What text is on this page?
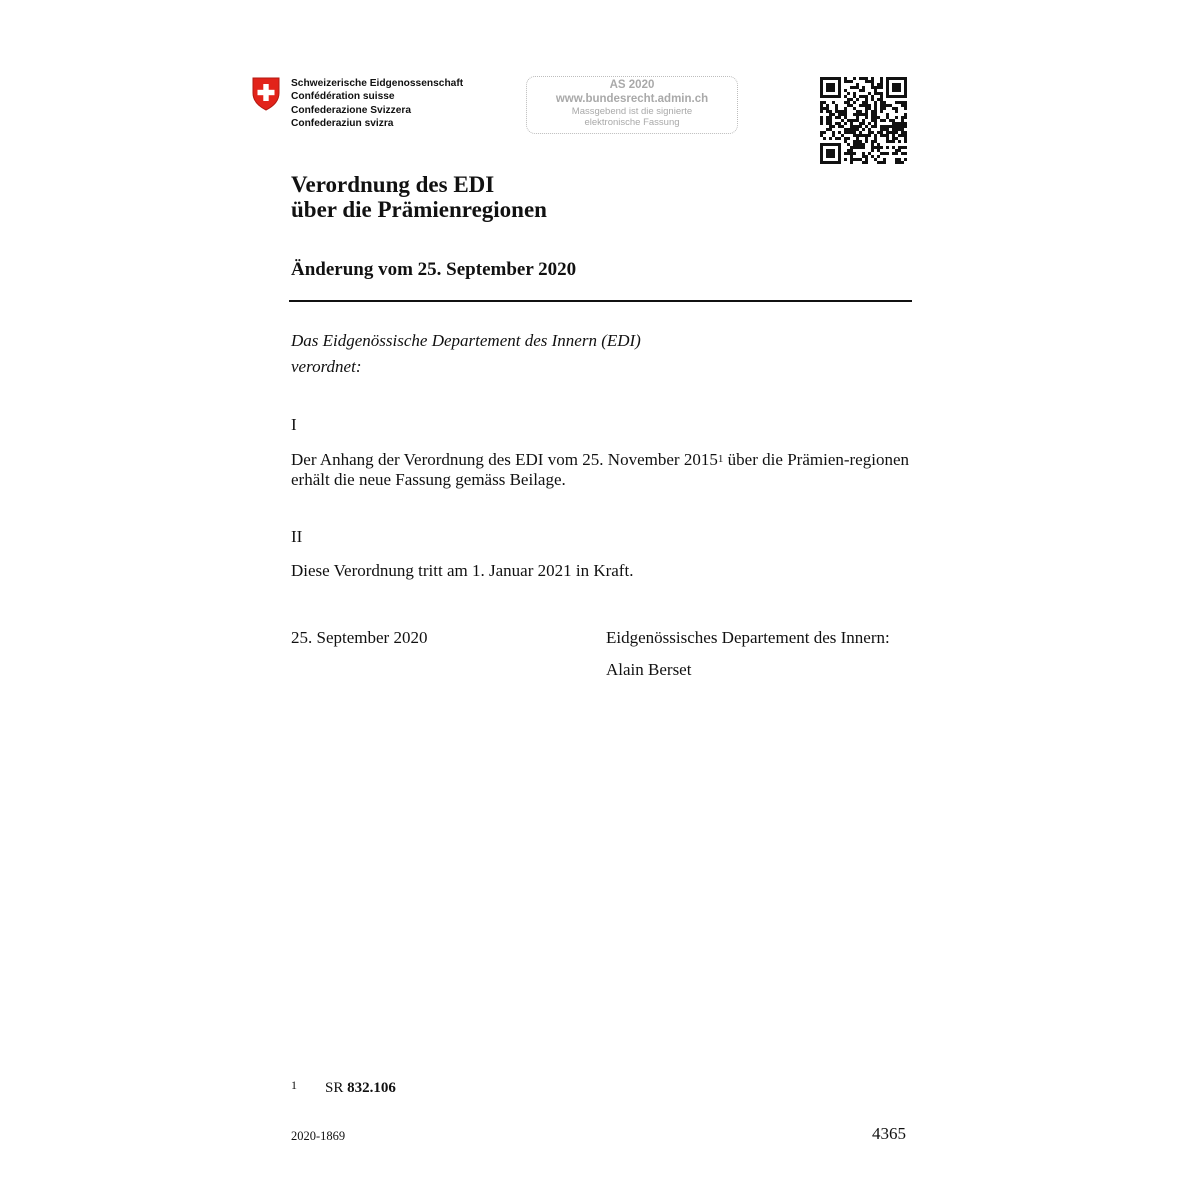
Schweizerische Eidgenossenschaft
Confédération suisse
Confederazione Svizzera
Confederaziun svizra
AS 2020
www.bundesrecht.admin.ch
Massgebend ist die signierte
elektronische Fassung
Verordnung des EDI
über die Prämienregionen
Änderung vom 25. September 2020
Das Eidgenössische Departement des Innern (EDI)
verordnet:
I
Der Anhang der Verordnung des EDI vom 25. November 2015$^1$ über die Prämien-regionen erhält die neue Fassung gemäss Beilage.
II
Diese Verordnung tritt am 1. Januar 2021 in Kraft.
25. September 2020	Eidgenössisches Departement des Innern:
Alain Berset
1 SR 832.106
2020-1869	4365
